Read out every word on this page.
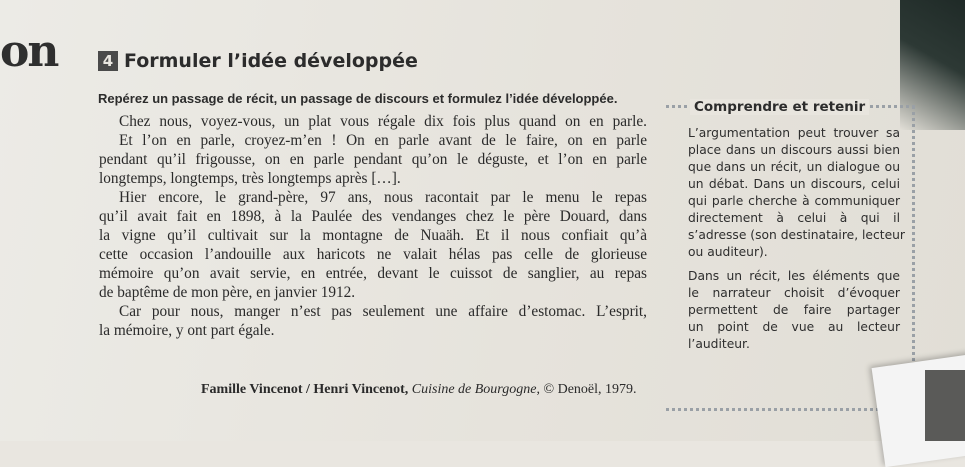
on	4 Formuler l’idée développée
Repérez un passage de récit, un passage de discours et formulez l’idée développée.
Chez nous, voyez-vous, un plat vous régale dix fois plus quand on en parle.
Et l’on en parle, croyez-m’en ! On en parle avant de le faire, on en parle
pendant qu’il frigousse, on en parle pendant qu’on le déguste, et l’on en parle
longtemps, longtemps, très longtemps après […].
Hier encore, le grand-père, 97 ans, nous racontait par le menu le repas
qu’il avait fait en 1898, à la Paulée des vendanges chez le père Douard, dans
la vigne qu’il cultivait sur la montagne de Nuaäh. Et il nous confiait qu’à
cette occasion l’andouille aux haricots ne valait hélas pas celle de glorieuse
mémoire qu’on avait servie, en entrée, devant le cuissot de sanglier, au repas
de baptême de mon père, en janvier 1912.
Car pour nous, manger n’est pas seulement une affaire d’estomac. L’esprit,
la mémoire, y ont part égale.
Famille Vincenot / Henri Vincenot, Cuisine de Bourgogne, © Denoël, 1979.
Comprendre et retenir
L’argumentation peut trouver sa
place dans un discours aussi bien
que dans un récit, un dialogue ou
un débat. Dans un discours, celui
qui parle cherche à communiquer
directement à celui à qui il
s’adresse (son destinataire, lecteur
ou auditeur).
Dans un récit, les éléments que
le narrateur choisit d’évoquer
permettent de faire partager
un point de vue au lecteur
l’auditeur.
